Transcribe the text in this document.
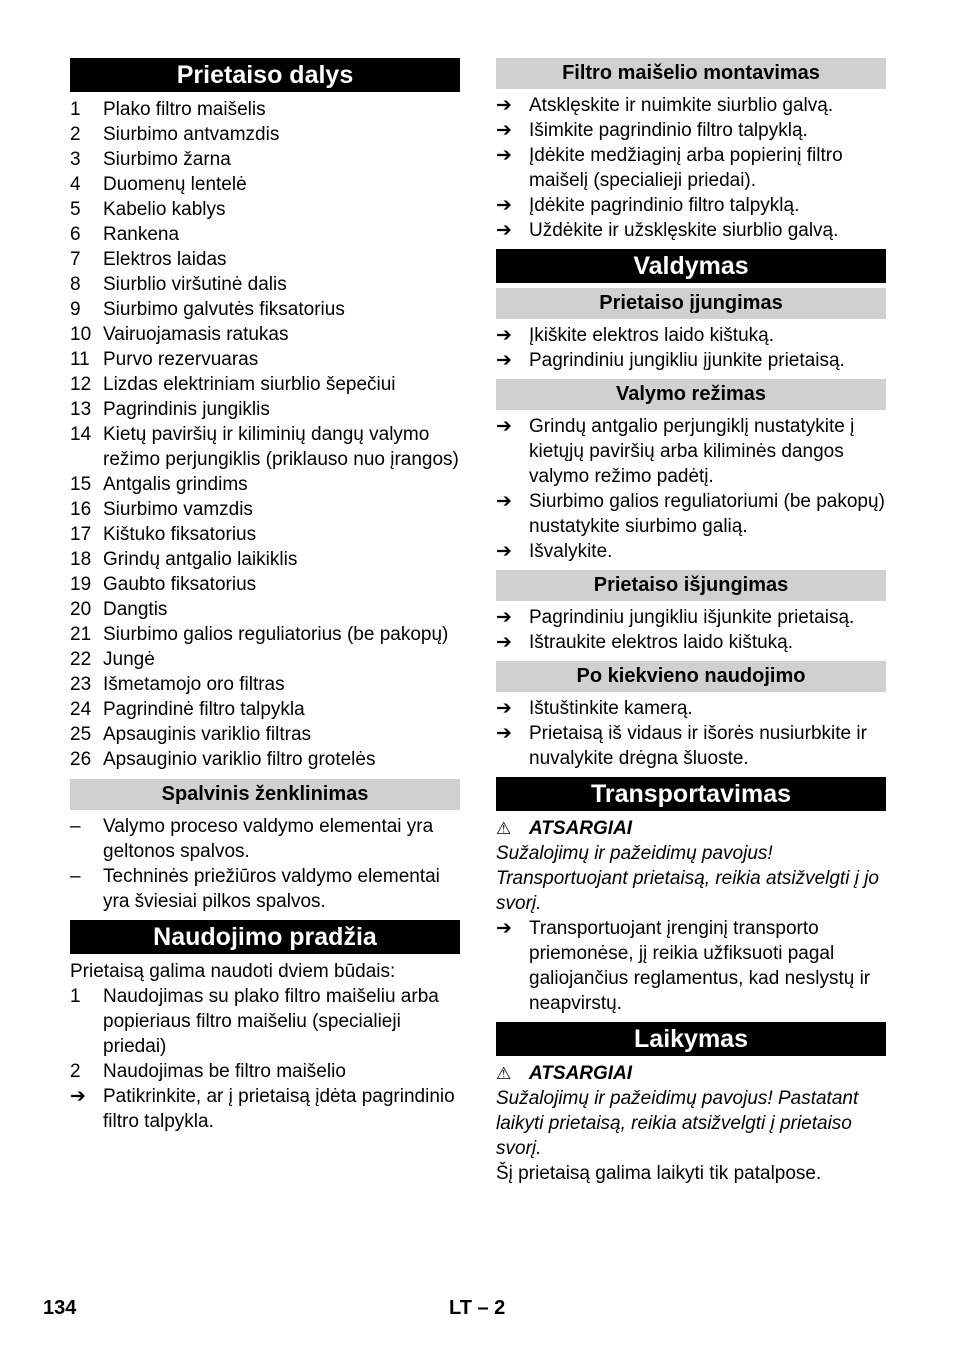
Prietaiso dalys
1	Plako filtro maišelis
2	Siurbimo antvamzdis
3	Siurbimo žarna
4	Duomenų lentelė
5	Kabelio kablys
6	Rankena
7	Elektros laidas
8	Siurblio viršutinė dalis
9	Siurbimo galvutės fiksatorius
10 Vairuojamasis ratukas
11 Purvo rezervuaras
12 Lizdas elektriniam siurblio šepečiui
13 Pagrindinis jungiklis
14 Kietų paviršių ir kiliminių dangų valymo režimo perjungiklis (priklauso nuo įrangos)
15 Antgalis grindims
16 Siurbimo vamzdis
17 Kištuko fiksatorius
18 Grindų antgalio laikiklis
19 Gaubto fiksatorius
20 Dangtis
21 Siurbimo galios reguliatorius (be pakopų)
22 Jungė
23 Išmetamojo oro filtras
24 Pagrindinė filtro talpykla
25 Apsauginis variklio filtras
26 Apsauginio variklio filtro grotelės
Spalvinis ženklinimas
–	Valymo proceso valdymo elementai yra geltonos spalvos.
–	Techninės priežiūros valdymo elementai yra šviesiai pilkos spalvos.
Naudojimo pradžia
Prietaisą galima naudoti dviem būdais:
1	Naudojimas su plako filtro maišeliu arba popieriaus filtro maišeliu (specialieji priedai)
2	Naudojimas be filtro maišelio
➔ Patikrinkite, ar į prietaisą įdėta pagrindinio filtro talpykla.
Filtro maišelio montavimas
➔ Atsklęskite ir nuimkite siurblio galvą.
➔ Išimkite pagrindinio filtro talpyklą.
➔ Įdėkite medžiaginį arba popierinį filtro maišelį (specialieji priedai).
➔ Įdėkite pagrindinio filtro talpyklą.
➔ Uždėkite ir užsklęskite siurblio galvą.
Valdymas
Prietaiso įjungimas
➔ Įkiškite elektros laido kištuką.
➔ Pagrindiniu jungikliu įjunkite prietaisą.
Valymo režimas
➔ Grindų antgalio perjungiklį nustatykite į kietųjų paviršių arba kiliminės dangos valymo režimo padėtį.
➔ Siurbimo galios reguliatoriumi (be pakopų) nustatykite siurbimo galią.
➔ Išvalykite.
Prietaiso išjungimas
➔ Pagrindiniu jungikliu išjunkite prietaisą.
➔ Ištraukite elektros laido kištuką.
Po kiekvieno naudojimo
➔ Ištuštinkite kamerą.
➔ Prietaisą iš vidaus ir išorės nusiurbkite ir nuvalykite drėgna šluoste.
Transportavimas
⚠ ATSARGIAI
Sužalojimų ir pažeidimų pavojus! Transportuojant prietaisą, reikia atsižvelgti į jo svorį.
➔ Transportuojant įrenginį transporto priemonėse, jį reikia užfiksuoti pagal galiojančius reglamentus, kad neslystų ir neapvirstų.
Laikymas
⚠ ATSARGIAI
Sužalojimų ir pažeidimų pavojus! Pastatant laikyti prietaisą, reikia atsižvelgti į prietaiso svorį.
Šį prietaisą galima laikyti tik patalpose.
134	LT – 2
